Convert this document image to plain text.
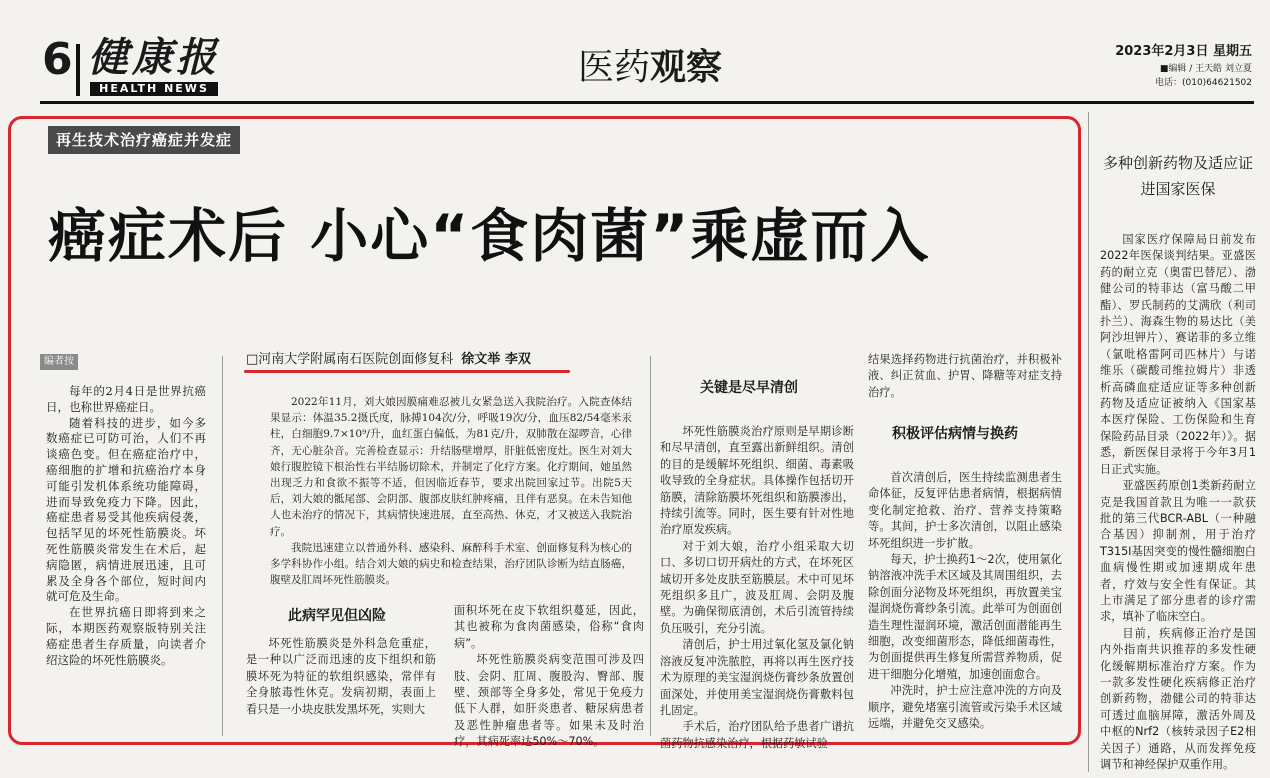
6 健康报
HEALTH NEWS
医药观察	2023年2月3日 星期五
■编辑 / 王天皓 刘立夏
电话：(010)64621502
再生技术治疗癌症并发症
癌症术后 小心“食肉菌”乘虚而入
编者按

每年的2月4日是世界抗癌日，也称世界癌症日。

随着科技的进步，如今多数癌症已可防可治，人们不再谈癌色变。但在癌症治疗中，癌细胞的扩增和抗癌治疗本身可能引发机体系统功能障碍，进而导致免疫力下降。因此，癌症患者易受其他疾病侵袭，包括罕见的坏死性筋膜炎。坏死性筋膜炎常发生在术后，起病隐匿，病情进展迅速，且可累及全身各个部位，短时间内就可危及生命。

在世界抗癌日即将到来之际，本期医药观察版特别关注癌症患者生存质量，向读者介绍这险的坏死性筋膜炎。

□河南大学附属南石医院创面修复科 徐文举 李双

2022年11月，刘大娘因膜痛难忍被儿女紧急送入我院治疗。入院查体结果显示：体温35.2摄氏度，脉搏104次/分，呼吸19次/分，血压82/54毫米汞柱，白细胞9.7×10⁹/升，血红蛋白偏低，为81克/升，双肺散在湿啰音，心律齐，无心脏杂音。完善检查显示：升结肠壁增厚，肝脏低密度灶。医生对刘大娘行腹腔镜下根治性右半结肠切除术，并制定了化疗方案。化疗期间，她虽然出现乏力和食欲不振等不适，但因临近春节，要求出院回家过节。出院5天后，刘大娘的骶尾部、会阴部、腹部皮肤红肿疼痛，且伴有恶臭。在未告知他人也未治疗的情况下，其病情快速进展，直至高热、休克，才又被送入我院治疗。

我院迅速建立以普通外科、感染科、麻醉科手术室、创面修复科为核心的多学科协作小组。结合刘大娘的病史和检查结果，治疗团队诊断为结直肠癌，腹壁及肛周坏死性筋膜炎。

此病罕见但凶险

坏死性筋膜炎是外科急危重症，是一种以广泛而迅速的皮下组织和筋膜坏死为特征的软组织感染，常伴有全身脓毒性休克。发病初期，表面上看只是一小块皮肤发黑坏死，实则大

面积坏死在皮下软组织蔓延，因此，其也被称为食肉菌感染，俗称“食肉病”。

坏死性筋膜炎病变范围可涉及四肢、会阴、肛周、腹股沟、臀部、腹壁、颈部等全身多处，常见于免疫力低下人群，如肝炎患者、糖尿病患者及恶性肿瘤患者等。如果未及时治疗，其病死率达50%～70%。

关键是尽早清创

坏死性筋膜炎治疗原则是早期诊断和尽早清创，直至露出新鲜组织。清创的目的是缓解坏死组织、细菌、毒素吸收导致的全身症状。具体操作包括切开筋膜，清除筋膜坏死组织和筋膜渗出，持续引流等。同时，医生要有针对性地治疗原发疾病。

对于刘大娘，治疗小组采取大切口、多切口切开病灶的方式，在坏死区域切开多处皮肤至筋膜层。术中可见坏死组织多且广，波及肛周、会阴及腹壁。为确保彻底清创，术后引流管持续负压吸引，充分引流。

清创后，护士用过氧化氢及氯化钠溶液反复冲洗脓腔，再将以再生医疗技术为原理的美宝湿润烧伤膏纱条放置创面深处，并使用美宝湿润烧伤膏敷料包扎固定。

手术后，治疗团队给予患者广谱抗菌药物抗感染治疗，根据药敏试验

结果选择药物进行抗菌治疗，并积极补液、纠正贫血、护胃、降糖等对症支持治疗。

积极评估病情与换药

首次清创后，医生持续监测患者生命体征，反复评估患者病情，根据病情变化制定抢救、治疗、营养支持策略等。其间，护士多次清创，以阻止感染坏死组织进一步扩散。

每天，护士换药1～2次，使用氯化钠溶液冲洗手术区域及其周围组织，去除创面分泌物及坏死组织，再放置美宝湿润烧伤膏纱条引流。此举可为创面创造生理性湿润环境，激活创面潜能再生细胞，改变细菌形态，降低细菌毒性，为创面提供再生修复所需营养物质，促进干细胞分化增殖，加速创面愈合。

冲洗时，护士应注意冲洗的方向及顺序，避免堵塞引流管或污染手术区域远端，并避免交叉感染。

多种创新药物及适应证进国家医保

国家医疗保障局日前发布2022年医保谈判结果。亚盛医药的耐立克（奥雷巴替尼）、渤健公司的特菲达（富马酸二甲酯）、罗氏制药的艾满欣（利司扑兰）、海森生物的易达比（美阿沙坦钾片）、赛诺菲的多立维（氯吡格雷阿司匹林片）与诺维乐（碳酸司维拉姆片）非透析高磷血症适应证等多种创新药物及适应证被纳入《国家基本医疗保险、工伤保险和生育保险药品目录（2022年）》。据悉，新医保目录将于今年3月1日正式实施。

亚盛医药原创1类新药耐立克是我国首款且为唯一一款获批的第三代BCR-ABL（一种融合基因）抑制剂，用于治疗T315I基因突变的慢性髓细胞白血病慢性期或加速期成年患者，疗效与安全性有保证。其上市满足了部分患者的诊疗需求，填补了临床空白。

目前，疾病修正治疗是国内外指南共识推荐的多发性硬化缓解期标准治疗方案。作为一款多发性硬化疾病修正治疗创新药物，渤健公司的特菲达可透过血脑屏障，激活外周及中枢的Nrf2（核转录因子E2相关因子）通路，从而发挥免疫调节和神经保护双重作用。
